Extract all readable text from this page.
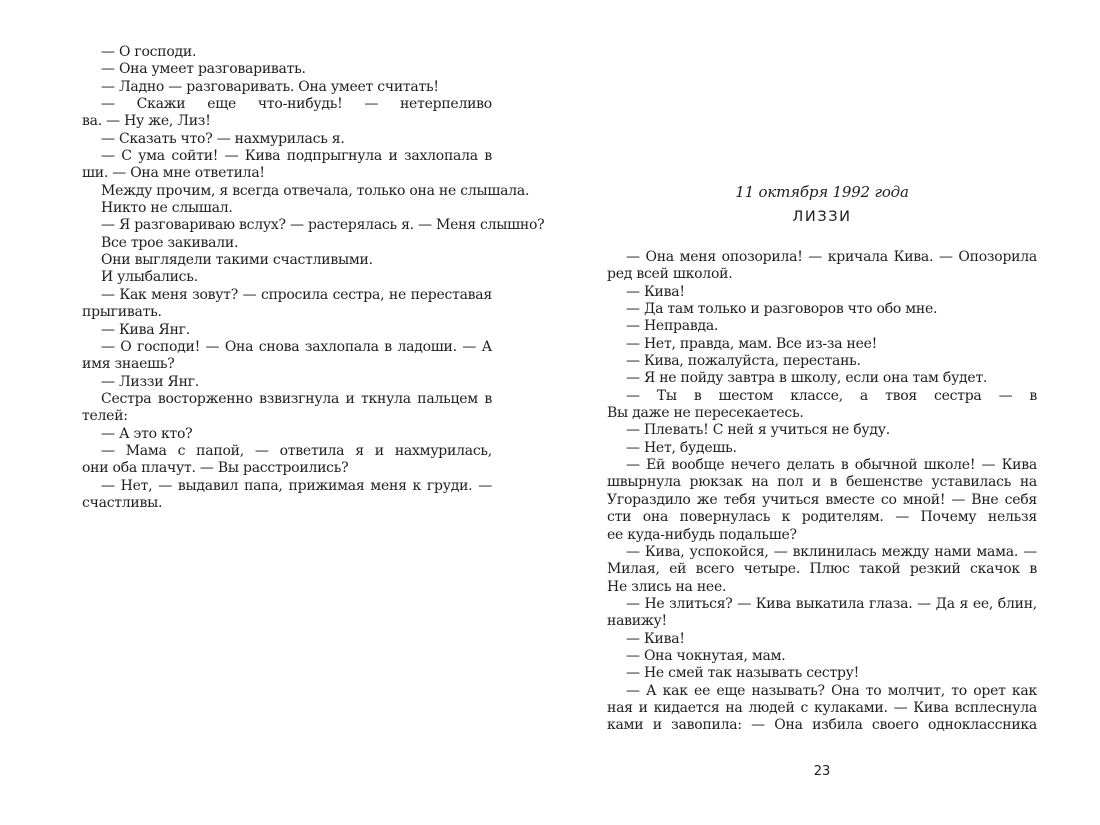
— О господи.
— Она умеет разговаривать.
— Ладно — разговаривать. Она умеет считать!
— Скажи еще что-нибудь! — нетерпеливо
ва. — Ну же, Лиз!
— Сказать что? — нахмурилась я.
— С ума сойти! — Кива подпрыгнула и захлопала в
ши. — Она мне ответила!
Между прочим, я всегда отвечала, только она не слышала.
Никто не слышал.
— Я разговариваю вслух? — растерялась я. — Меня слышно?
Все трое закивали.
Они выглядели такими счастливыми.
И улыбались.
— Как меня зовут? — спросила сестра, не переставая
прыгивать.
— Кива Янг.
— О господи! — Она снова захлопала в ладоши. — А
имя знаешь?
— Лиззи Янг.
Сестра восторженно взвизгнула и ткнула пальцем в
телей:
— А это кто?
— Мама с папой, — ответила я и нахмурилась,
они оба плачут. — Вы расстроились?
— Нет, — выдавил папа, прижимая меня к груди. —
счастливы.
11 октября 1992 года
ЛИЗЗИ
— Она меня опозорила! — кричала Кива. — Опозорила
ред всей школой.
— Кива!
— Да там только и разговоров что обо мне.
— Неправда.
— Нет, правда, мам. Все из-за нее!
— Кива, пожалуйста, перестань.
— Я не пойду завтра в школу, если она там будет.
— Ты в шестом классе, а твоя сестра — в
Вы даже не пересекаетесь.
— Плевать! С ней я учиться не буду.
— Нет, будешь.
— Ей вообще нечего делать в обычной школе! — Кива
швырнула рюкзак на пол и в бешенстве уставилась на
Угораздило же тебя учиться вместе со мной! — Вне себя
сти она повернулась к родителям. — Почему нельзя
ее куда-нибудь подальше?
— Кива, успокойся, — вклинилась между нами мама. —
Милая, ей всего четыре. Плюс такой резкий скачок в
Не злись на нее.
— Не злиться? — Кива выкатила глаза. — Да я ее, блин,
навижу!
— Кива!
— Она чокнутая, мам.
— Не смей так называть сестру!
— А как ее еще называть? Она то молчит, то орет как
ная и кидается на людей с кулаками. — Кива всплеснула
ками и завопила: — Она избила своего одноклассника
23
